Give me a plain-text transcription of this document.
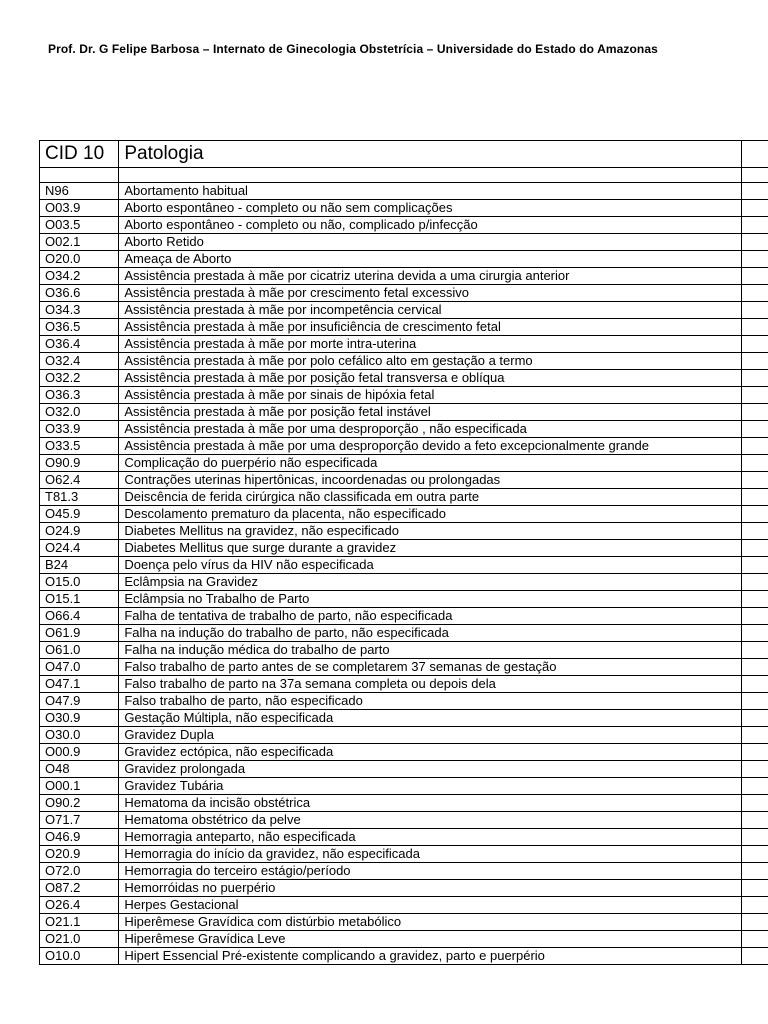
Prof. Dr. G Felipe Barbosa – Internato de Ginecologia Obstetrícia – Universidade do Estado do Amazonas
CID 10	Patologia	

N96	Abortamento habitual	
O03.9	Aborto espontâneo - completo ou não sem complicações	
O03.5	Aborto espontâneo - completo ou não, complicado p/infecção	
O02.1	Aborto Retido	
O20.0	Ameaça de Aborto	
O34.2	Assistência prestada à mãe por cicatriz uterina devida a uma cirurgia anterior	
O36.6	Assistência prestada à mãe por crescimento fetal excessivo	
O34.3	Assistência prestada à mãe por incompetência cervical	
O36.5	Assistência prestada à mãe por insuficiência de crescimento fetal	
O36.4	Assistência prestada à mãe por morte intra-uterina	
O32.4	Assistência prestada à mãe por polo cefálico alto em gestação a termo	
O32.2	Assistência prestada à mãe por posição fetal transversa e oblíqua	
O36.3	Assistência prestada à mãe por sinais de hipóxia fetal	
O32.0	Assistência prestada à mãe por posição fetal instável	
O33.9	Assistência prestada à mãe por uma desproporção , não especificada	
O33.5	Assistência prestada à mãe por uma desproporção devido a feto excepcionalmente grande	
O90.9	Complicação do puerpério não especificada	
O62.4	Contrações uterinas hipertônicas, incoordenadas ou prolongadas	
T81.3	Deiscência de ferida cirúrgica não classificada em outra parte	
O45.9	Descolamento prematuro da placenta, não especificado	
O24.9	Diabetes Mellitus na gravidez, não especificado	
O24.4	Diabetes Mellitus que surge durante a gravidez	
B24	Doença pelo vírus da HIV não especificada	
O15.0	Eclâmpsia na Gravidez	
O15.1	Eclâmpsia no Trabalho de Parto	
O66.4	Falha de tentativa de trabalho de parto, não especificada	
O61.9	Falha na indução do trabalho de parto, não especificada	
O61.0	Falha na indução médica do trabalho de parto	
O47.0	Falso trabalho de parto antes de se completarem 37 semanas de gestação	
O47.1	Falso trabalho de parto na 37a semana completa ou depois dela	
O47.9	Falso trabalho de parto, não especificado	
O30.9	Gestação Múltipla, não especificada	
O30.0	Gravidez Dupla	
O00.9	Gravidez ectópica, não especificada	
O48	Gravidez prolongada	
O00.1	Gravidez Tubária	
O90.2	Hematoma da incisão obstétrica	
O71.7	Hematoma obstétrico da pelve	
O46.9	Hemorragia anteparto, não especificada	
O20.9	Hemorragia do início da gravidez, não especificada	
O72.0	Hemorragia do terceiro estágio/período	
O87.2	Hemorróidas no puerpério	
O26.4	Herpes Gestacional	
O21.1	Hiperêmese Gravídica com distúrbio metabólico	
O21.0	Hiperêmese Gravídica Leve	
O10.0	Hipert Essencial Pré-existente complicando a gravidez, parto e puerpério	
